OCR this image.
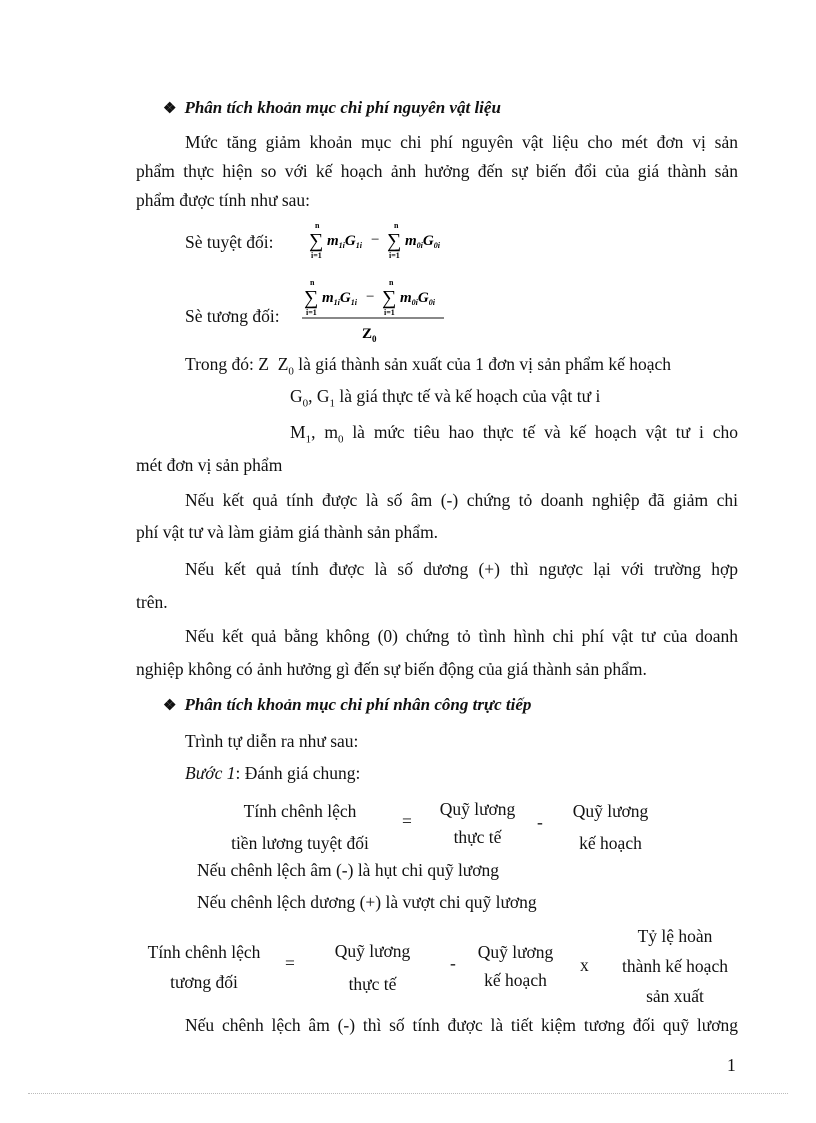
❖ Phân tích khoản mục chi phí nguyên vật liệu
Mức tăng giảm khoản mục chi phí nguyên vật liệu cho mét đơn vị sản
phẩm thực hiện so với kế hoạch ảnh hưởng đến sự biến đổi của giá thành sản
phẩm được tính như sau:
Sè tuyệt đối:
n
∑
i=1
$m_{1i}G_{1i}$ −
n
∑
i=1
$m_{0i}G_{0i}$
Sè tương đối:
n
∑
i=1
$m_{1i}G_{1i}$ −
n
∑
i=1
$m_{0i}G_{0i}$
$Z_0$
Trong đó: Z  $Z_0$ là giá thành sản xuất của 1 đơn vị sản phẩm kế hoạch
$G_0$, $G_1$ là giá thực tế và kế hoạch của vật tư i
$M_1$, $m_0$ là mức tiêu hao thực tế và kế hoạch vật tư i cho
mét đơn vị sản phẩm
Nếu kết quả tính được là số âm (-) chứng tỏ doanh nghiệp đã giảm chi
phí vật tư và làm giảm giá thành sản phẩm.
Nếu kết quả tính được là số dương (+) thì ngược lại với trường hợp
trên.
Nếu kết quả bằng không (0) chứng tỏ tình hình chi phí vật tư của doanh
nghiệp không có ảnh hưởng gì đến sự biến động của giá thành sản phẩm.
❖ Phân tích khoản mục chi phí nhân công trực tiếp
Trình tự diễn ra như sau:
Bước 1: Đánh giá chung:
Tính chênh lệch
tiền lương tuyệt đối
=
Quỹ lương
thực tế
-
Quỹ lương
kế hoạch
Nếu chênh lệch âm (-) là hụt chi quỹ lương
Nếu chênh lệch dương (+) là vượt chi quỹ lương
Tính chênh lệch
tương đối
=
Quỹ lương
thực tế
-
Quỹ lương
kế hoạch
x
Tỷ lệ hoàn
thành kế hoạch
sản xuất
Nếu chênh lệch âm (-) thì số tính được là tiết kiệm tương đối quỹ lương
1
